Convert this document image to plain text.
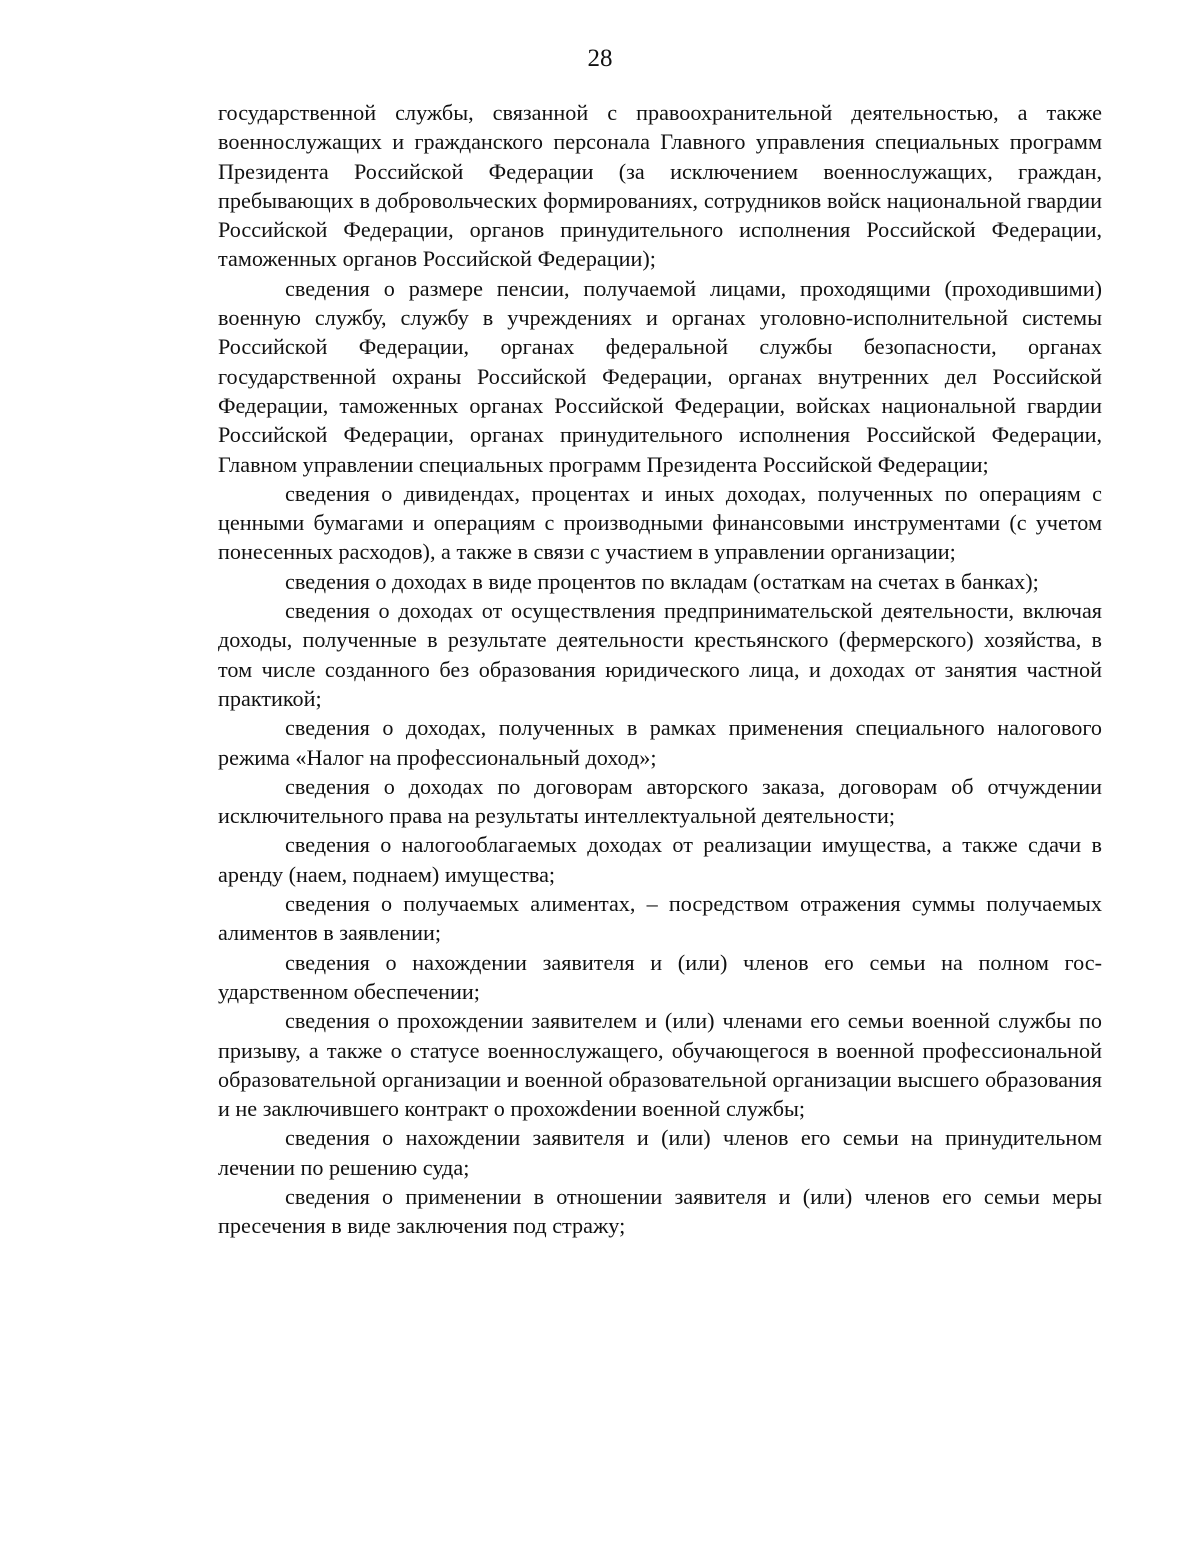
28

государственной службы, связанной с правоохранительной деятельностью, а также военнослужащих и гражданского персонала Главного управления специальных программ Президента Российской Федерации (за исключением военнослужащих, граждан, пребывающих в добровольческих формированиях, сотрудников войск национальной гвардии Российской Федерации, органов принудительного исполнения Российской Федерации, таможенных органов Российской Федерации);

сведения о размере пенсии, получаемой лицами, проходящими (проходившими) военную службу, службу в учреждениях и органах уголовно-исполнительной системы Российской Федерации, органах федеральной службы безопасности, органах государственной охраны Российской Федерации, органах внутренних дел Российской Федерации, таможенных органах Российской Федерации, войсках национальной гвардии Российской Федерации, органах принудительного исполнения Российской Федерации, Главном управлении специальных программ Президента Российской Федерации;

сведения о дивидендах, процентах и иных доходах, полученных по операциям с ценными бумагами и операциям с производными финансовыми инструментами (с учетом понесенных расходов), а также в связи с участием в управлении организации;

сведения о доходах в виде процентов по вкладам (остаткам на счетах в банках);

сведения о доходах от осуществления предпринимательской деятельности, включая доходы, полученные в результате деятельности крестьянского (фермерского) хозяйства, в том числе созданного без образования юридического лица, и доходах от занятия частной практикой;

сведения о доходах, полученных в рамках применения специального налогового режима «Налог на профессиональный доход»;

сведения о доходах по договорам авторского заказа, договорам об отчуждении исключительного права на результаты интеллектуальной деятельности;

сведения о налогооблагаемых доходах от реализации имущества, а также сдачи в аренду (наем, поднаем) имущества;

сведения о получаемых алиментах, – посредством отражения суммы получаемых алиментов в заявлении;

сведения о нахождении заявителя и (или) членов его семьи на полном государственном обеспечении;

сведения о прохождении заявителем и (или) членами его семьи военной службы по призыву, а также о статусе военнослужащего, обучающегося в военной профессиональной образовательной организации и военной образовательной организации высшего образования и не заключившего контракт о прохожdении военной службы;

сведения о нахождении заявителя и (или) членов его семьи на принудительном лечении по решению суда;

сведения о применении в отношении заявителя и (или) членов его семьи меры пресечения в виде заключения под стражу;
